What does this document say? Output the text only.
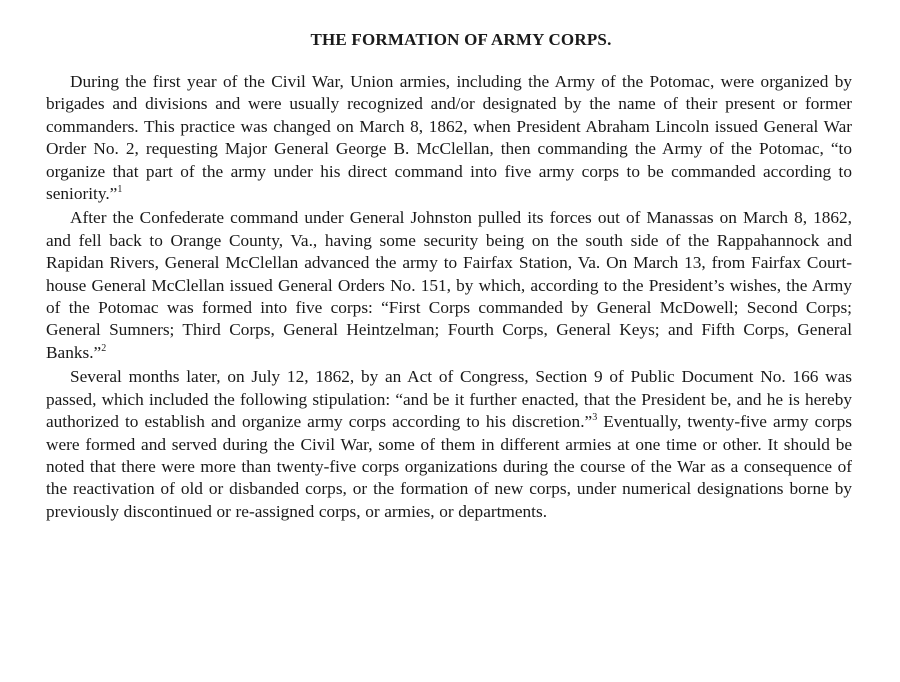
THE FORMATION OF ARMY CORPS.

During the first year of the Civil War, Union armies, including the Army of the Potomac, were organized by brigades and divisions and were usually recognized and/or designated by the name of their present or former commanders. This practice was changed on March 8, 1862, when President Abraham Lincoln issued General War Order No. 2, requesting Major General George B. McClellan, then commanding the Army of the Potomac, “to organize that part of the army under his direct command into five army corps to be commanded according to seniority.”$^1$

After the Confederate command under General Johnston pulled its forces out of Manassas on March 8, 1862, and fell back to Orange County, Va., having some security being on the south side of the Rappahannock and Rapidan Rivers, General McClellan advanced the army to Fairfax Station, Va. On March 13, from Fairfax Court-house General McClellan issued General Orders No. 151, by which, according to the President’s wishes, the Army of the Potomac was formed into five corps: “First Corps commanded by General McDowell; Second Corps; General Sumners; Third Corps, General Heintzelman; Fourth Corps, General Keys; and Fifth Corps, General Banks.”$^2$

Several months later, on July 12, 1862, by an Act of Congress, Section 9 of Public Document No. 166 was passed, which included the following stipulation: “and be it further enacted, that the President be, and he is hereby authorized to establish and organize army corps according to his discretion.”$^3$ Eventually, twenty-five army corps were formed and served during the Civil War, some of them in different armies at one time or other. It should be noted that there were more than twenty-five corps organizations during the course of the War as a consequence of the reactivation of old or disbanded corps, or the formation of new corps, under numerical designations borne by previously discontinued or re-assigned corps, or armies, or departments.
